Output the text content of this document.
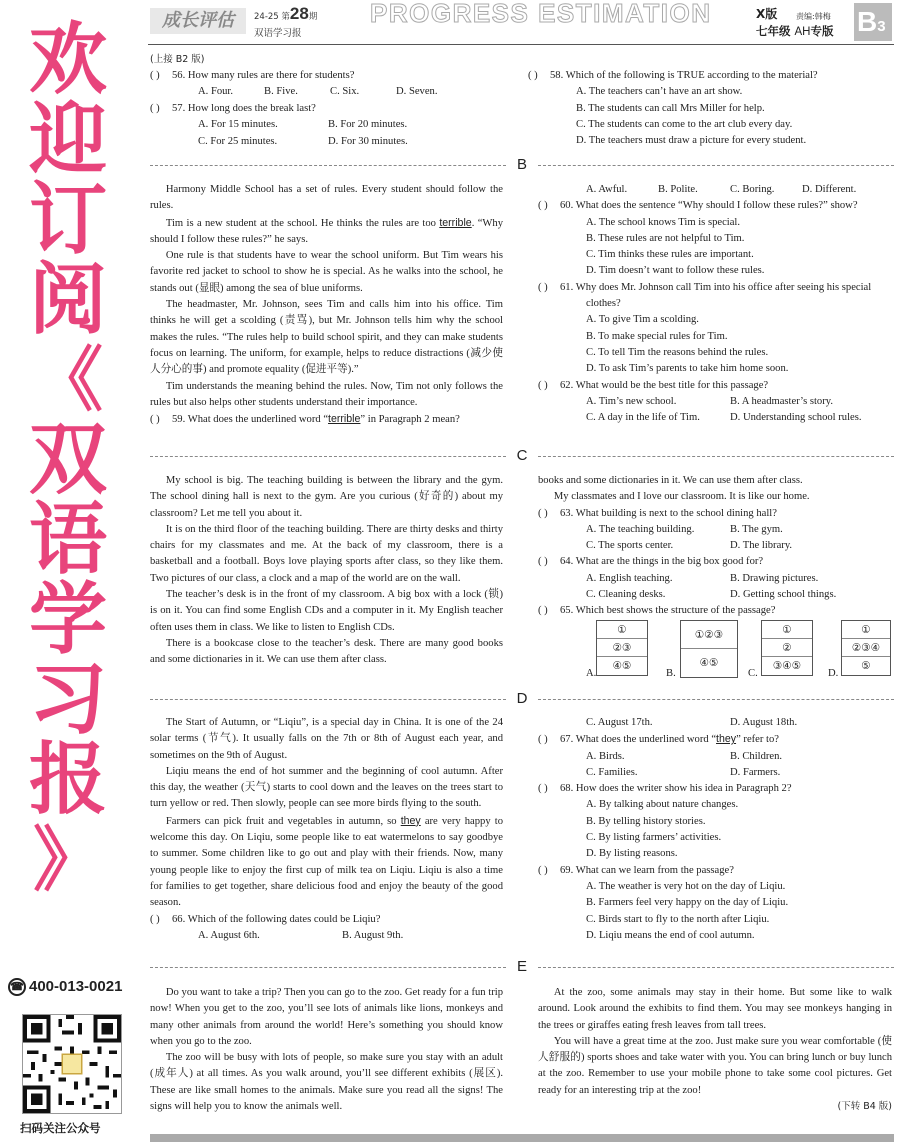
欢
迎
订
阅
《
双
语
学
习
报
》
☎ 400-013-0021
扫码关注公众号
成长评估	24-25 第28期
双语学习报
PROGRESS ESTIMATION	X版 责编:韩梅
七年级 AH专版 B3
(上接 B2 版)
( ) 56. How many rules are there for students?
A. Four.	B. Five.	C. Six.	D. Seven.
( ) 57. How long does the break last?
A. For 15 minutes.	B. For 20 minutes.
C. For 25 minutes.	D. For 30 minutes.
( ) 58. Which of the following is TRUE according to the material?
A. The teachers can’t have an art show.
B. The students can call Mrs Miller for help.
C. The students can come to the art club every day.
D. The teachers must draw a picture for every student.
B
Harmony Middle School has a set of rules. Every student should follow the rules.
Tim is a new student at the school. He thinks the rules are too terrible. “Why should I follow these rules?” he says.
One rule is that students have to wear the school uniform. But Tim wears his favorite red jacket to school to show he is special. As he walks into the school, he stands out (显眼) among the sea of blue uniforms.
The headmaster, Mr. Johnson, sees Tim and calls him into his office. Tim thinks he will get a scolding (责骂), but Mr. Johnson tells him why the school makes the rules. “The rules help to build school spirit, and they can make students focus on learning. The uniform, for example, helps to reduce distractions (减少使人分心的事) and promote equality (促进平等).”
Tim understands the meaning behind the rules. Now, Tim not only follows the rules but also helps other students understand their importance.
( ) 59. What does the underlined word “terrible” in Paragraph 2 mean?
A. Awful.	B. Polite.	C. Boring.	D. Different.
( ) 60. What does the sentence “Why should I follow these rules?” show?
A. The school knows Tim is special.
B. These rules are not helpful to Tim.
C. Tim thinks these rules are important.
D. Tim doesn’t want to follow these rules.
( ) 61. Why does Mr. Johnson call Tim into his office after seeing his special clothes?
A. To give Tim a scolding.
B. To make special rules for Tim.
C. To tell Tim the reasons behind the rules.
D. To ask Tim’s parents to take him home soon.
( ) 62. What would be the best title for this passage?
A. Tim’s new school.	B. A headmaster’s story.
C. A day in the life of Tim.	D. Understanding school rules.
C
My school is big. The teaching building is between the library and the gym. The school dining hall is next to the gym. Are you curious (好奇的) about my classroom? Let me tell you about it.
It is on the third floor of the teaching building. There are thirty desks and thirty chairs for my classmates and me. At the back of my classroom, there is a basketball and a football. Boys love playing sports after class, so they like them. Two pictures of our class, a clock and a map of the world are on the wall.
The teacher’s desk is in the front of my classroom. A big box with a lock (锁) is on it. You can find some English CDs and a computer in it. My English teacher often uses them in class. We like to listen to English CDs.
There is a bookcase close to the teacher’s desk. There are many good books and some dictionaries in it. We can use them after class.
books and some dictionaries in it. We can use them after class.
My classmates and I love our classroom. It is like our home.
( ) 63. What building is next to the school dining hall?
A. The teaching building.	B. The gym.
C. The sports center.	D. The library.
( ) 64. What are the things in the big box good for?
A. English teaching.	B. Drawing pictures.
C. Cleaning desks.	D. Getting school things.
( ) 65. Which best shows the structure of the passage?
A.
①
②③
④⑤
B.
①②③
④⑤
C.
①
②
③④⑤
D.
①
②③④
⑤
D
The Start of Autumn, or “Liqiu”, is a special day in China. It is one of the 24 solar terms (节气). It usually falls on the 7th or 8th of August each year, and sometimes on the 9th of August.
Liqiu means the end of hot summer and the beginning of cool autumn. After this day, the weather (天气) starts to cool down and the leaves on the trees start to turn yellow or red. Then slowly, people can see more birds flying to the south.
Farmers can pick fruit and vegetables in autumn, so they are very happy to welcome this day. On Liqiu, some people like to eat watermelons to say goodbye to summer. Some children like to go out and play with their friends. Now, many young people like to enjoy the first cup of milk tea on Liqiu. Liqiu is also a time for families to get together, share delicious food and enjoy the beauty of the good season.
( ) 66. Which of the following dates could be Liqiu?
A. August 6th.	B. August 9th.
C. August 17th.	D. August 18th.
( ) 67. What does the underlined word “they” refer to?
A. Birds.	B. Children.
C. Families.	D. Farmers.
( ) 68. How does the writer show his idea in Paragraph 2?
A. By talking about nature changes.
B. By telling history stories.
C. By listing farmers’ activities.
D. By listing reasons.
( ) 69. What can we learn from the passage?
A. The weather is very hot on the day of Liqiu.
B. Farmers feel very happy on the day of Liqiu.
C. Birds start to fly to the north after Liqiu.
D. Liqiu means the end of cool autumn.
E
Do you want to take a trip? Then you can go to the zoo. Get ready for a fun trip now! When you get to the zoo, you’ll see lots of animals like lions, monkeys and many other animals from around the world! Here’s something you should know when you go to the zoo.
The zoo will be busy with lots of people, so make sure you stay with an adult (成年人) at all times. As you walk around, you’ll see different exhibits (展区). These are like small homes to the animals. Make sure you read all the signs! The signs will help you to know the animals well.
At the zoo, some animals may stay in their home. But some like to walk around. Look around the exhibits to find them. You may see monkeys hanging in the trees or giraffes eating fresh leaves from tall trees.
You will have a great time at the zoo. Just make sure you wear comfortable (使人舒服的) sports shoes and take water with you. You can bring lunch or buy lunch at the zoo. Remember to use your mobile phone to take some cool pictures. Get ready for an interesting trip at the zoo!
(下转 B4 版)
